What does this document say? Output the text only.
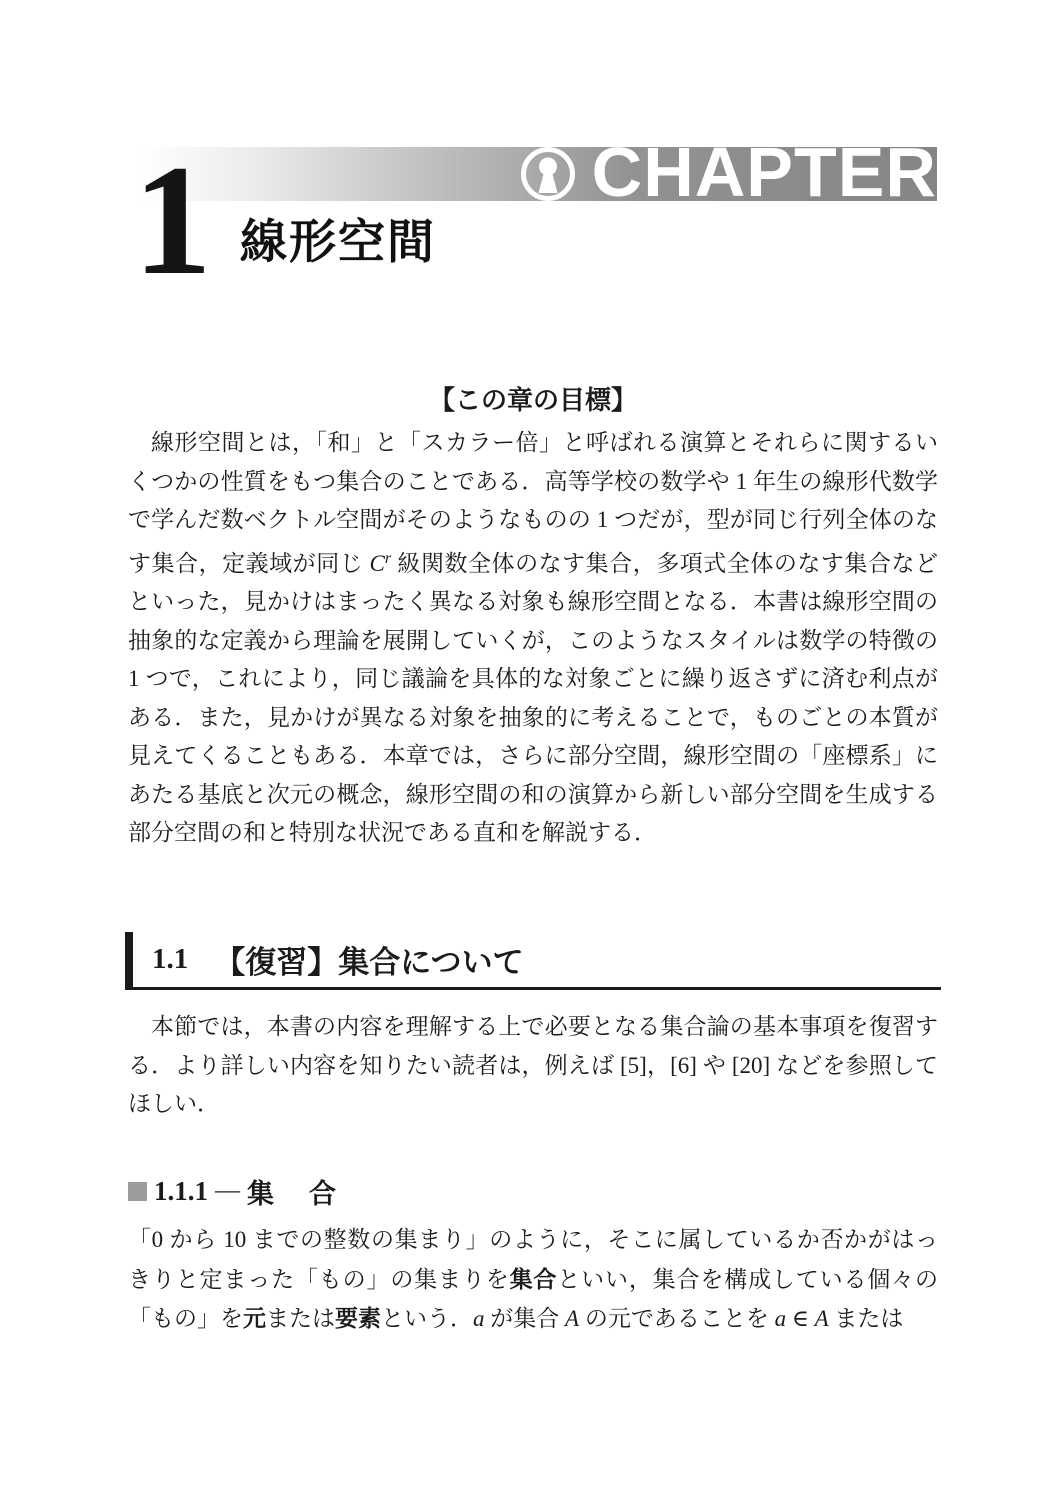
CHAPTER
1 線形空間
【この章の目標】
線形空間とは，「和」と「スカラー倍」と呼ばれる演算とそれらに関するいくつかの性質をもつ集合のことである．高等学校の数学や 1 年生の線形代数学で学んだ数ベクトル空間がそのようなものの 1 つだが，型が同じ行列全体のなす集合，定義域が同じ $C^r$ 級関数全体のなす集合，多項式全体のなす集合などといった，見かけはまったく異なる対象も線形空間となる．本書は線形空間の抽象的な定義から理論を展開していくが，このようなスタイルは数学の特徴の 1 つで，これにより，同じ議論を具体的な対象ごとに繰り返さずに済む利点がある．また，見かけが異なる対象を抽象的に考えることで，ものごとの本質が見えてくることもある．本章では，さらに部分空間，線形空間の「座標系」にあたる基底と次元の概念，線形空間の和の演算から新しい部分空間を生成する部分空間の和と特別な状況である直和を解説する．
1.1 【復習】集合について
本節では，本書の内容を理解する上で必要となる集合論の基本事項を復習する．より詳しい内容を知りたい読者は，例えば [5]，[6] や [20] などを参照してほしい．
1.1.1 ― 集　合
「0 から 10 までの整数の集まり」のように，そこに属しているか否かがはっきりと定まった「もの」の集まりを集合といい，集合を構成している個々の「もの」を元または要素という．a が集合 A の元であることを a ∈ A または
